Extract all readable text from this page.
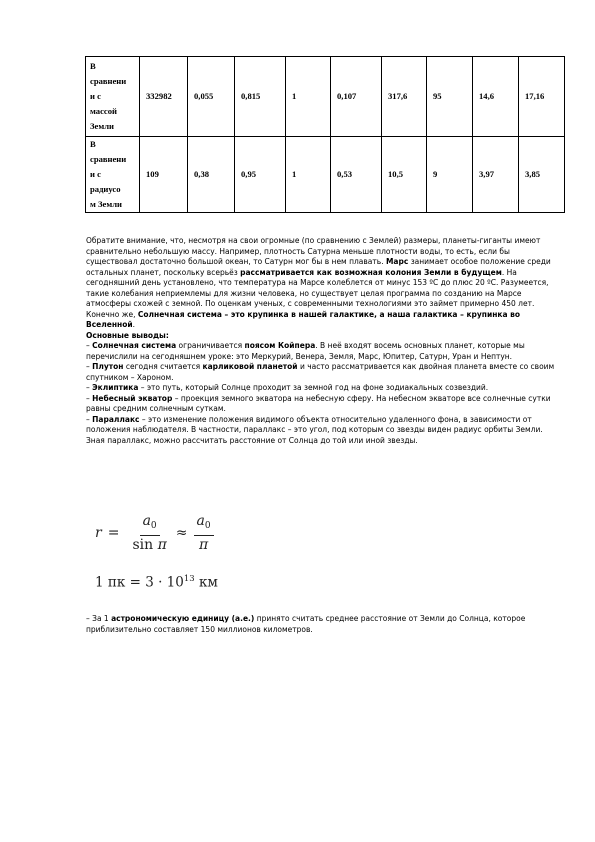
В
сравнени
и с
массой
Земли	332982	0,055	0,815	1	0,107	317,6	95	14,6	17,16

В
сравнени
и с
радиусо
м Земли	109	0,38	0,95	1	0,53	10,5	9	3,97	3,85

Обратите внимание, что, несмотря на свои огромные (по сравнению с Землей) размеры, планеты-гиганты имеют сравнительно небольшую массу. Например, плотность Сатурна меньше плотности воды, то есть, если бы существовал достаточно большой океан, то Сатурн мог бы в нем плавать. Марс занимает особое положение среди остальных планет, поскольку всерьёз рассматривается как возможная колония Земли в будущем. На сегодняшний день установлено, что температура на Марсе колеблется от минус 153 ºС до плюс 20 ºС. Разумеется, такие колебания неприемлемы для жизни человека, но существует целая программа по созданию на Марсе атмосферы схожей с земной. По оценкам ученых, с современными технологиями это займет примерно 450 лет.

Конечно же, Солнечная система – это крупинка в нашей галактике, а наша галактика – крупинка во Вселенной.

Основные выводы:

– Солнечная система ограничивается поясом Койпера. В неё входят восемь основных планет, которые мы перечислили на сегодняшнем уроке: это Меркурий, Венера, Земля, Марс, Юпитер, Сатурн, Уран и Нептун.

– Плутон сегодня считается карликовой планетой и часто рассматривается как двойная планета вместе со своим спутником – Хароном.

– Эклиптика – это путь, который Солнце проходит за земной год на фоне зодиакальных созвездий.

– Небесный экватор – проекция земного экватора на небесную сферу. На небесном экваторе все солнечные сутки равны средним солнечным суткам.

– Параллакс – это изменение положения видимого объекта относительно удаленного фона, в зависимости от положения наблюдателя. В частности, параллакс – это угол, под которым со звезды виден радиус орбиты Земли. Зная параллакс, можно рассчитать расстояние от Солнца до той или иной звезды.

$r = \frac{a_0}{\text{sin π}} \approx \frac{a_0}{\pi}$
1 пк = $3 \cdot 10^{13}$ км
– За 1 астрономическую единицу (а.е.) принято считать среднее расстояние от Земли до Солнца, которое приблизительно составляет 150 миллионов километров.
